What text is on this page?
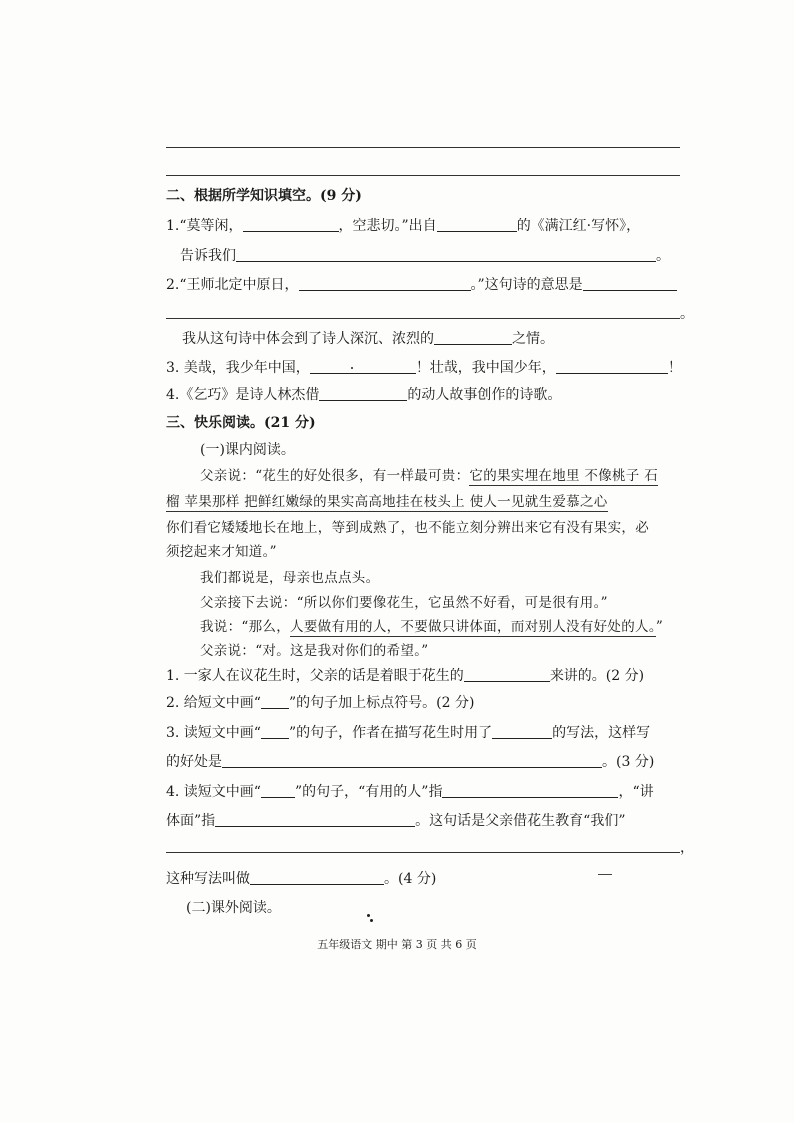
二、根据所学知识填空。(9 分)
1.“莫等闲，	，空悲切。”出自	的《满江红·写怀》，
告诉我们	。
2.“王师北定中原日，	。”这句诗的意思是
。
我从这句诗中体会到了诗人深沉、浓烈的	之情。
3. 美哉，我少年中国，	！壮哉，我中国少年，	！
4.《乞巧》是诗人林杰借	的动人故事创作的诗歌。
三、快乐阅读。(21 分)
(一)课内阅读。
父亲说：“花生的好处很多，有一样最可贵：它的果实埋在地里 不像桃子 石
榴 苹果那样 把鲜红嫩绿的果实高高地挂在枝头上 使人一见就生爱慕之心
你们看它矮矮地长在地上，等到成熟了，也不能立刻分辨出来它有没有果实，必
须挖起来才知道。”
我们都说是，母亲也点点头。
父亲接下去说：“所以你们要像花生，它虽然不好看，可是很有用。”
我说：“那么，人要做有用的人，不要做只讲体面，而对别人没有好处的人。”
父亲说：“对。这是我对你们的希望。”
1. 一家人在议花生时，父亲的话是着眼于花生的	来讲的。(2 分)
2. 给短文中画“ ”的句子加上标点符号。(2 分)
3. 读短文中画“ ”的句子，作者在描写花生时用了	的写法，这样写
的好处是	。(3 分)
4. 读短文中画“ ”的句子，“有用的人”指	，“讲
体面”指	。这句话是父亲借花生教育“我们”
，
这种写法叫做	。(4 分)
(二)课外阅读。
五年级语文 期中 第 3 页 共 6 页
